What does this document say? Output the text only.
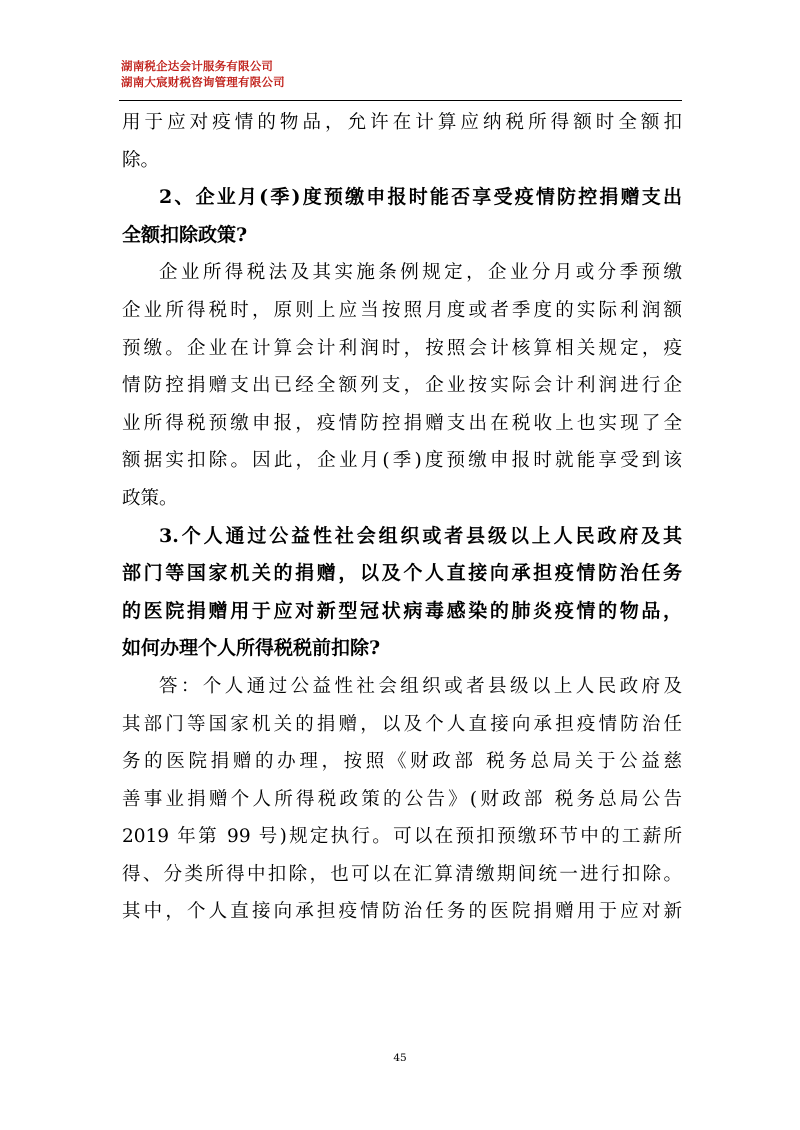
湖南税企达会计服务有限公司
湖南大宸财税咨询管理有限公司
用于应对疫情的物品，允许在计算应纳税所得额时全额扣
除。
2、企业月(季)度预缴申报时能否享受疫情防控捐赠支出
全额扣除政策?
企业所得税法及其实施条例规定，企业分月或分季预缴
企业所得税时，原则上应当按照月度或者季度的实际利润额
预缴。企业在计算会计利润时，按照会计核算相关规定，疫
情防控捐赠支出已经全额列支，企业按实际会计利润进行企
业所得税预缴申报，疫情防控捐赠支出在税收上也实现了全
额据实扣除。因此，企业月(季)度预缴申报时就能享受到该
政策。
3.个人通过公益性社会组织或者县级以上人民政府及其
部门等国家机关的捐赠，以及个人直接向承担疫情防治任务
的医院捐赠用于应对新型冠状病毒感染的肺炎疫情的物品，
如何办理个人所得税税前扣除?
答：个人通过公益性社会组织或者县级以上人民政府及
其部门等国家机关的捐赠，以及个人直接向承担疫情防治任
务的医院捐赠的办理，按照《财政部 税务总局关于公益慈
善事业捐赠个人所得税政策的公告》(财政部 税务总局公告
2019 年第 99 号)规定执行。可以在预扣预缴环节中的工薪所
得、分类所得中扣除，也可以在汇算清缴期间统一进行扣除。
其中，个人直接向承担疫情防治任务的医院捐赠用于应对新
45
